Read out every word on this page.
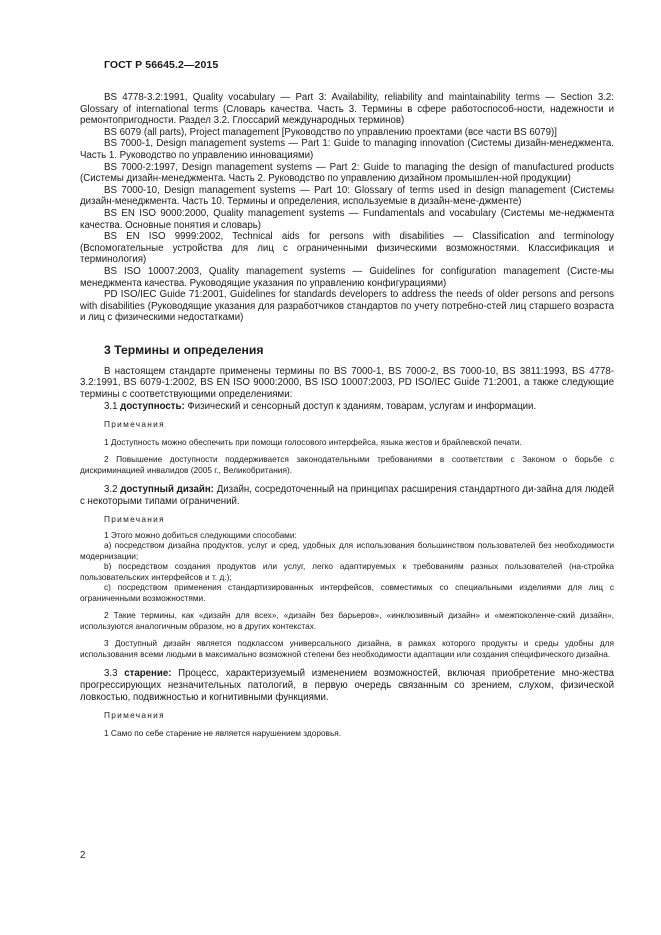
ГОСТ Р 56645.2—2015

BS 4778-3.2:1991, Quality vocabulary — Part 3: Availability, reliability and maintainability terms — Section 3.2: Glossary of international terms (Словарь качества. Часть 3. Термины в сфере работоспособ-ности, надежности и ремонтопригодности. Раздел 3.2. Глоссарий международных терминов)

BS 6079 (all parts), Project management [Руководство по управлению проектами (все части BS 6079)]

BS 7000-1, Design management systems — Part 1: Guide to managing innovation (Системы дизайн-менеджмента. Часть 1. Руководство по управлению инновациями)

BS 7000-2:1997, Design management systems — Part 2: Guide to managing the design of manufactured products (Системы дизайн-менеджмента. Часть 2. Руководство по управлению дизайном промышлен-ной продукции)

BS 7000-10, Design management systems — Part 10: Glossary of terms used in design management (Системы дизайн-менеджмента. Часть 10. Термины и определения, используемые в дизайн-мене-джменте)

BS EN ISO 9000:2000, Quality management systems — Fundamentals and vocabulary (Системы ме-неджмента качества. Основные понятия и словарь)

BS EN ISO 9999:2002, Technical aids for persons with disabilities — Classification and terminology (Вспомогательные устройства для лиц с ограниченными физическими возможностями. Классификация и терминология)

BS ISO 10007:2003, Quality management systems — Guidelines for configuration management (Систе-мы менеджмента качества. Руководящие указания по управлению конфигурациями)

PD ISO/IEC Guide 71:2001, Guidelines for standards developers to address the needs of older persons and persons with disabilities (Руководящие указания для разработчиков стандартов по учету потребно-стей лиц старшего возраста и лиц с физическими недостатками)

3 Термины и определения

В настоящем стандарте применены термины по BS 7000-1, BS 7000-2, BS 7000-10, BS 3811:1993, BS 4778-3.2:1991, BS 6079-1:2002, BS EN ISO 9000:2000, BS ISO 10007:2003, PD ISO/IEC Guide 71:2001, а также следующие термины с соответствующими определениями:

3.1 доступность: Физический и сенсорный доступ к зданиям, товарам, услугам и информации.

Примечания

1 Доступность можно обеспечить при помощи голосового интерфейса, языка жестов и брайлевской печати.

2 Повышение доступности поддерживается законодательными требованиями в соответствии с Законом о борьбе с дискриминацией инвалидов (2005 г., Великобритания).

3.2 доступный дизайн: Дизайн, сосредоточенный на принципах расширения стандартного ди-зайна для людей с некоторыми типами ограничений.

Примечания

1 Этого можно добиться следующими способами:

a) посредством дизайна продуктов, услуг и сред, удобных для использования большинством пользователей без необходимости модернизации;

b) посредством создания продуктов или услуг, легко адаптируемых к требованиям разных пользователей (на-стройка пользовательских интерфейсов и т. д.);

c) посредством применения стандартизированных интерфейсов, совместимых со специальными изделиями для лиц с ограниченными возможностями.

2 Такие термины, как «дизайн для всех», «дизайн без барьеров», «инклюзивный дизайн» и «межпоколенче-ский дизайн», используются аналогичным образом, но в других контекстах.

3 Доступный дизайн является подклассом универсального дизайна, в рамках которого продукты и среды удобны для использования всеми людьми в максимально возможной степени без необходимости адаптации или создания специфического дизайна.

3.3 старение: Процесс, характеризуемый изменением возможностей, включая приобретение мно-жества прогрессирующих незначительных патологий, в первую очередь связанным со зрением, слухом, физической ловкостью, подвижностью и когнитивными функциями.

Примечания

1 Само по себе старение не является нарушением здоровья.

2
